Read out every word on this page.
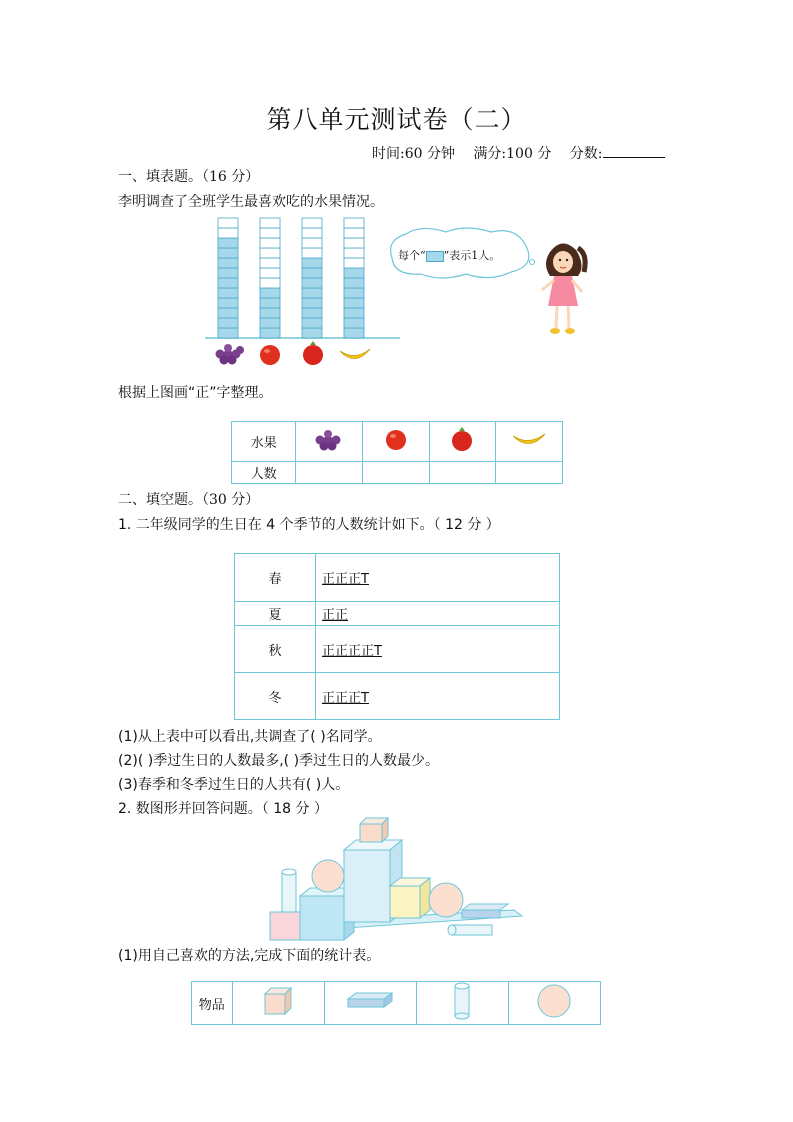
第八单元测试卷（二）
时间:60 分钟 满分:100 分 分数:
一、填表题。（16 分）
李明调查了全班学生最喜欢吃的水果情况。
每个“ ”表示1人。
根据上图画“正”字整理。
水果				
人数				
二、填空题。（30 分）
1. 二年级同学的生日在 4 个季节的人数统计如下。（ 12 分 ）
春	正正正T
夏	正正
秋	正正正正T
冬	正正正T
(1)从上表中可以看出,共调查了( )名同学。
(2)( )季过生日的人数最多,( )季过生日的人数最少。
(3)春季和冬季过生日的人共有( )人。
2. 数图形并回答问题。（ 18 分 ）
(1)用自己喜欢的方法,完成下面的统计表。
物品				
